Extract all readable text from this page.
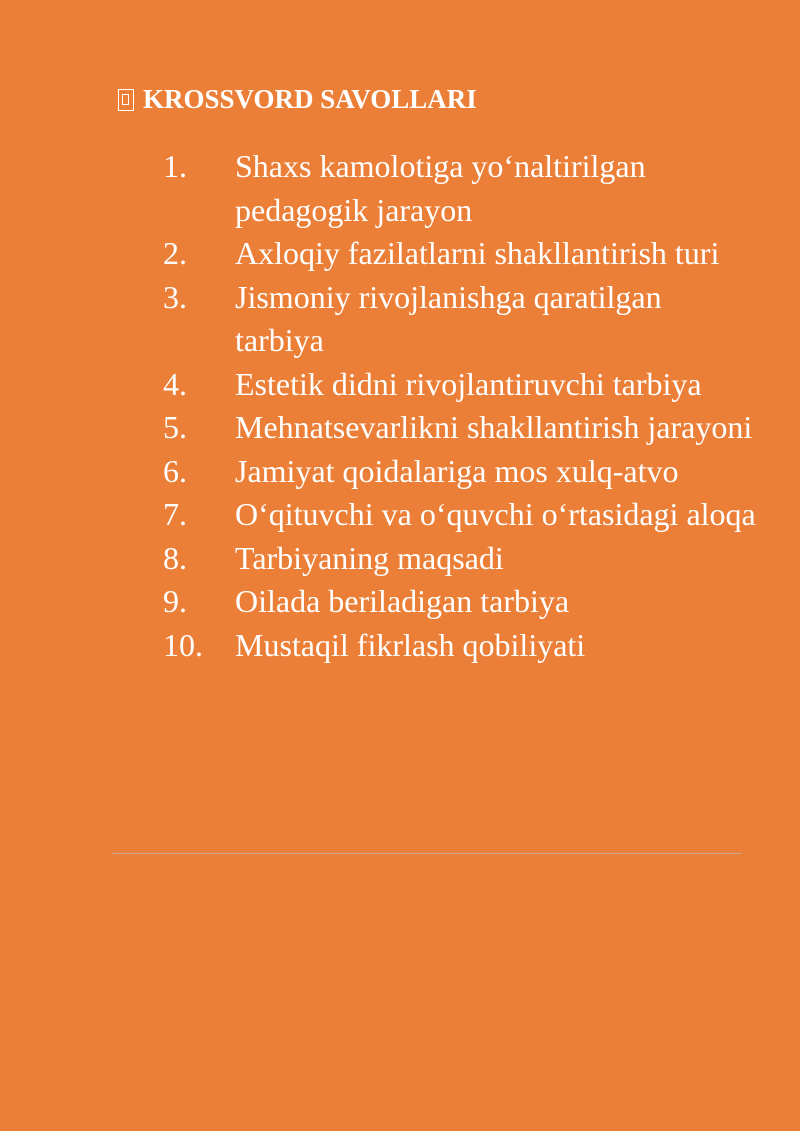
KROSSVORD SAVOLLARI
1. Shaxs kamolotiga yo‘naltirilgan pedagogik jarayon
2. Axloqiy fazilatlarni shakllantirish turi
3. Jismoniy rivojlanishga qaratilgan tarbiya
4. Estetik didni rivojlantiruvchi tarbiya
5. Mehnatsevarlikni shakllantirish jarayoni
6. Jamiyat qoidalariga mos xulq-atvo
7. O‘qituvchi va o‘quvchi o‘rtasidagi aloqa
8. Tarbiyaning maqsadi
9. Oilada beriladigan tarbiya
10. Mustaqil fikrlash qobiliyati
